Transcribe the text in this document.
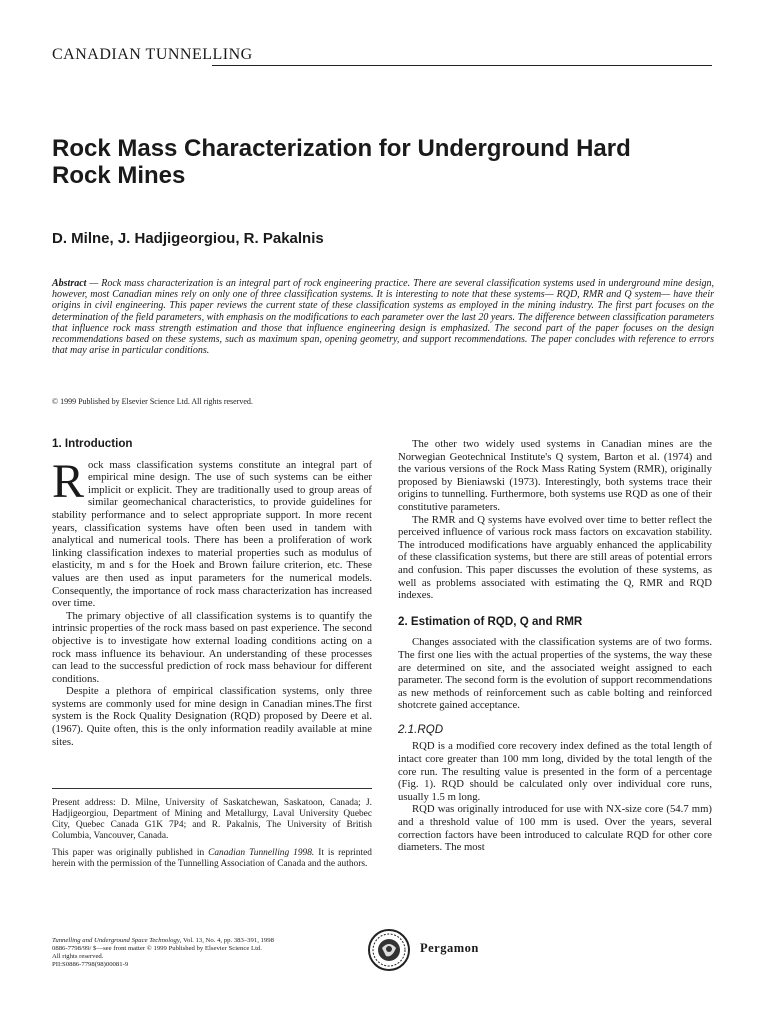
CANADIAN TUNNELLING
Rock Mass Characterization for Underground Hard Rock Mines
D. Milne, J. Hadjigeorgiou, R. Pakalnis
Abstract — Rock mass characterization is an integral part of rock engineering practice. There are several classification systems used in underground mine design, however, most Canadian mines rely on only one of three classification systems. It is interesting to note that these systems— RQD, RMR and Q system— have their origins in civil engineering. This paper reviews the current state of these classification systems as employed in the mining industry. The first part focuses on the determination of the field parameters, with emphasis on the modifications to each parameter over the last 20 years. The difference between classification parameters that influence rock mass strength estimation and those that influence engineering design is emphasized. The second part of the paper focuses on the design recommendations based on these systems, such as maximum span, opening geometry, and support recommendations. The paper concludes with reference to errors that may arise in particular conditions.
© 1999 Published by Elsevier Science Ltd. All rights reserved.
1. Introduction

Rock mass classification systems constitute an integral part of empirical mine design. The use of such systems can be either implicit or explicit. They are traditionally used to group areas of similar geomechanical characteristics, to provide guidelines for stability performance and to select appropriate support. In more recent years, classification systems have often been used in tandem with analytical and numerical tools. There has been a proliferation of work linking classification indexes to material properties such as modulus of elasticity, m and s for the Hoek and Brown failure criterion, etc. These values are then used as input parameters for the numerical models. Consequently, the importance of rock mass characterization has increased over time.

The primary objective of all classification systems is to quantify the intrinsic properties of the rock mass based on past experience. The second objective is to investigate how external loading conditions acting on a rock mass influence its behaviour. An understanding of these processes can lead to the successful prediction of rock mass behaviour for different conditions.

Despite a plethora of empirical classification systems, only three systems are commonly used for mine design in Canadian mines.The first system is the Rock Quality Designation (RQD) proposed by Deere et al. (1967). Quite often, this is the only information readily available at mine sites.

Present address: D. Milne, University of Saskatchewan, Saskatoon, Canada; J. Hadjigeorgiou, Department of Mining and Metallurgy, Laval University Quebec City, Quebec Canada G1K 7P4; and R. Pakalnis, The University of British Columbia, Vancouver, Canada.

This paper was originally published in Canadian Tunnelling 1998. It is reprinted herein with the permission of the Tunnelling Association of Canada and the authors.

The other two widely used systems in Canadian mines are the Norwegian Geotechnical Institute's Q system, Barton et al. (1974) and the various versions of the Rock Mass Rating System (RMR), originally proposed by Bieniawski (1973). Interestingly, both systems trace their origins to tunnelling. Furthermore, both systems use RQD as one of their constitutive parameters.

The RMR and Q systems have evolved over time to better reflect the perceived influence of various rock mass factors on excavation stability. The introduced modifications have arguably enhanced the applicability of these classification systems, but there are still areas of potential errors and confusion. This paper discusses the evolution of these systems, as well as problems associated with estimating the Q, RMR and RQD indexes.

2. Estimation of RQD, Q and RMR

Changes associated with the classification systems are of two forms. The first one lies with the actual properties of the systems, the way these are determined on site, and the associated weight assigned to each parameter. The second form is the evolution of support recommendations as new methods of reinforcement such as cable bolting and reinforced shotcrete gained acceptance.

2.1.RQD

RQD is a modified core recovery index defined as the total length of intact core greater than 100 mm long, divided by the total length of the core run. The resulting value is presented in the form of a percentage (Fig. 1). RQD should be calculated only over individual core runs, usually 1.5 m long.

RQD was originally introduced for use with NX-size core (54.7 mm) and a threshold value of 100 mm is used. Over the years, several correction factors have been introduced to calculate RQD for other core diameters. The most

Tunnelling and Underground Space Technology, Vol. 13, No. 4, pp. 383–391, 1998
0886-7798/99/ $—see front matter © 1999 Published by Elsevier Science Ltd.
All rights reserved.
PII:S0886-7798(98)00081-9
Pergamon
